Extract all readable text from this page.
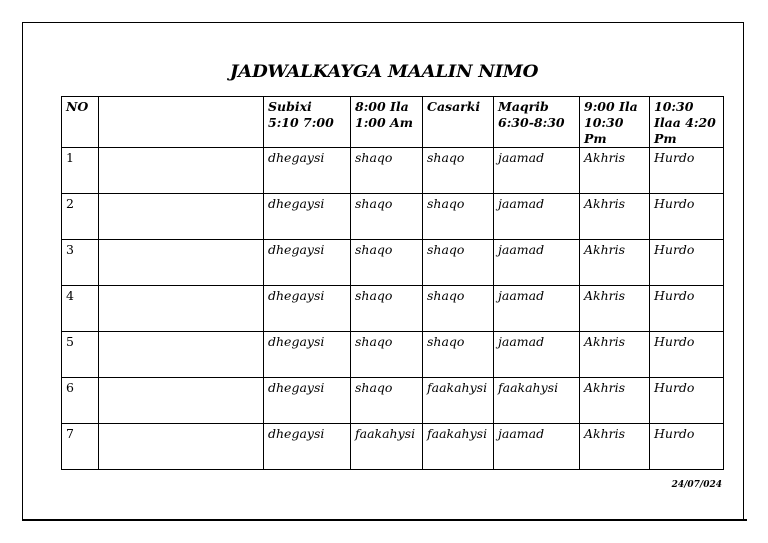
JADWALKAYGA MAALIN NIMO
NO		Subixi 5:10 7:00	8:00 Ila 1:00 Am	Casarki	Maqrib 6:30-8:30	9:00 Ila 10:30 Pm	10:30 Ilaa 4:20 Pm
1		dhegaysi	shaqo	shaqo	jaamad	Akhris	Hurdo
2		dhegaysi	shaqo	shaqo	jaamad	Akhris	Hurdo
3		dhegaysi	shaqo	shaqo	jaamad	Akhris	Hurdo
4		dhegaysi	shaqo	shaqo	jaamad	Akhris	Hurdo
5		dhegaysi	shaqo	shaqo	jaamad	Akhris	Hurdo
6		dhegaysi	shaqo	faakahysi	faakahysi	Akhris	Hurdo
7		dhegaysi	faakahysi	faakahysi	jaamad	Akhris	Hurdo
24/07/024
